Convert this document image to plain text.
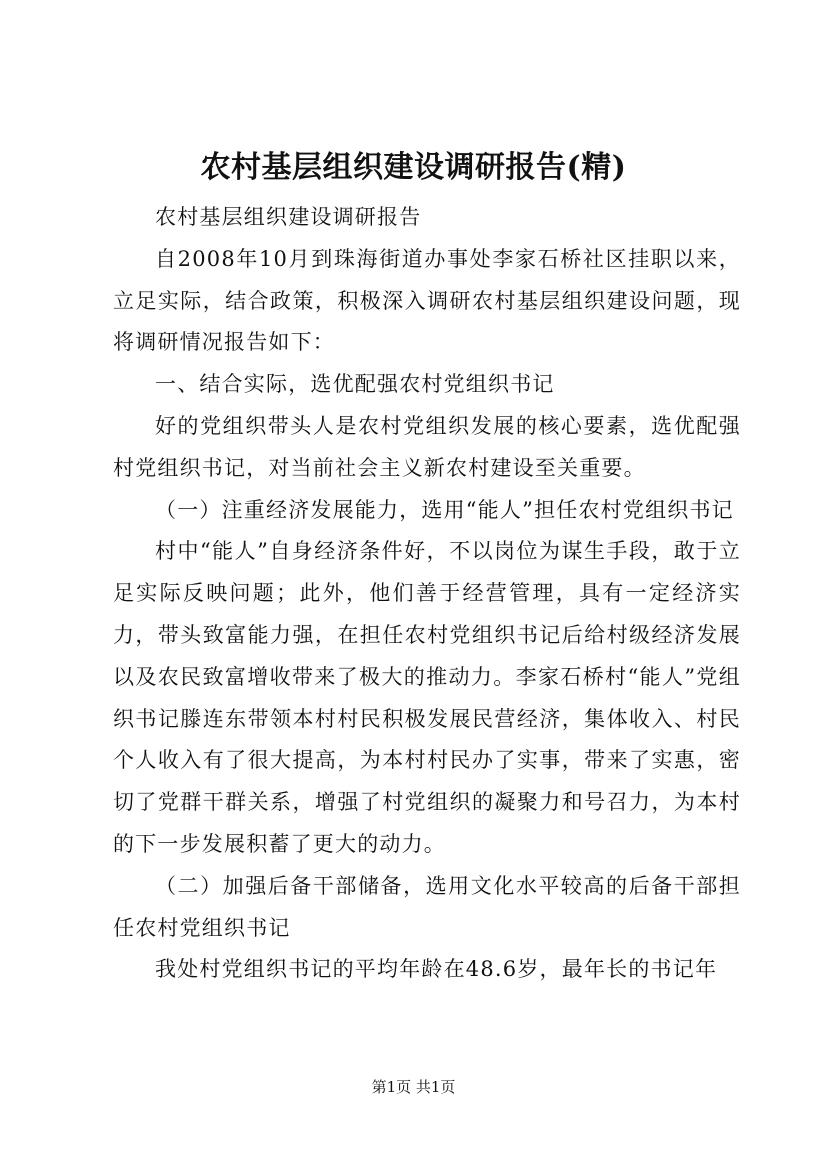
农村基层组织建设调研报告(精)

农村基层组织建设调研报告

自2008年10月到珠海街道办事处李家石桥社区挂职以来，立足实际，结合政策，积极深入调研农村基层组织建设问题，现将调研情况报告如下：

一、结合实际，选优配强农村党组织书记

好的党组织带头人是农村党组织发展的核心要素，选优配强村党组织书记，对当前社会主义新农村建设至关重要。

（一）注重经济发展能力，选用“能人”担任农村党组织书记

村中“能人”自身经济条件好，不以岗位为谋生手段，敢于立足实际反映问题；此外，他们善于经营管理，具有一定经济实力，带头致富能力强，在担任农村党组织书记后给村级经济发展以及农民致富增收带来了极大的推动力。李家石桥村“能人”党组织书记滕连东带领本村村民积极发展民营经济，集体收入、村民个人收入有了很大提高，为本村村民办了实事，带来了实惠，密切了党群干群关系，增强了村党组织的凝聚力和号召力，为本村的下一步发展积蓄了更大的动力。

（二）加强后备干部储备，选用文化水平较高的后备干部担任农村党组织书记

我处村党组织书记的平均年龄在48.6岁，最年长的书记年

第1页 共1页
